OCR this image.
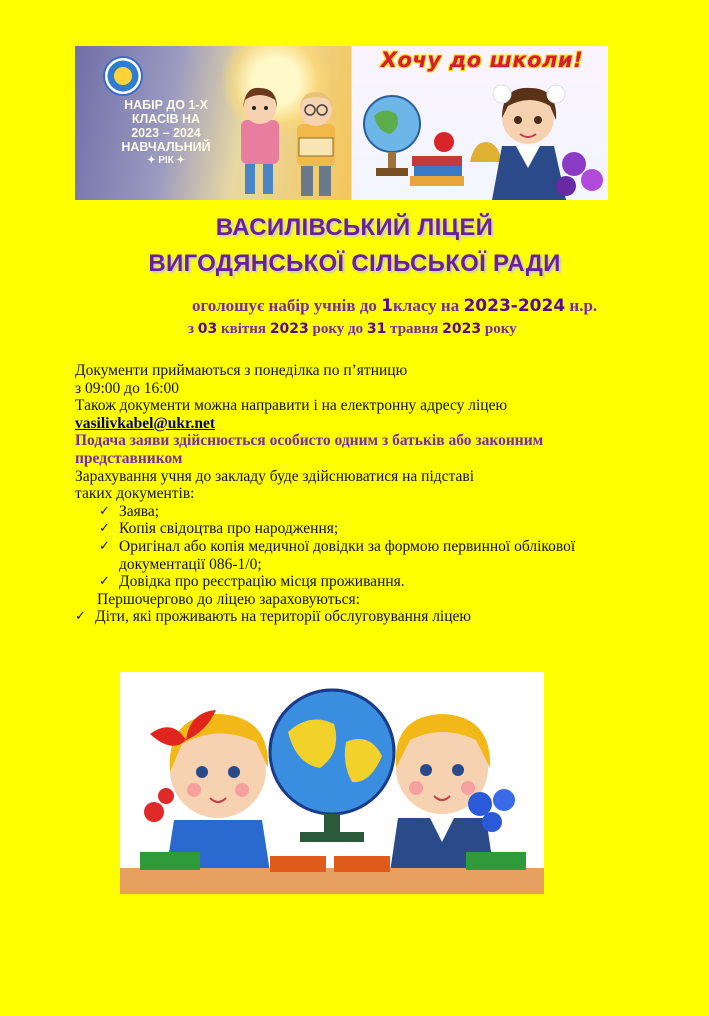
НАБІР ДО 1-Х
КЛАСІВ НА
2023 – 2024
НАВЧАЛЬНИЙ
✦ РІК ✦
Хочу до школи!
ВАСИЛІВСЬКИЙ ЛІЦЕЙ
ВИГОДЯНСЬКОЇ СІЛЬСЬКОЇ РАДИ
оголошує набір учнів до 1класу на 2023-2024 н.р.
з 03 квітня 2023 року до 31 травня 2023 року

Документи приймаються з понеділка по п’ятницю

з 09:00 до 16:00

Також документи можна направити і на електронну адресу ліцею

vasilivkabel@ukr.net

Подача заяви здійснюється особисто одним з батьків або законним

представником

Зарахування учня до закладу буде здійснюватися на підставі

таких документів:

✓ Заява;
✓ Копія свідоцтва про народження;
✓ Оригінал або копія медичної довідки за формою первинної облікової
документації 086-1/0;
✓ Довідка про реєстрацію місця проживання.

Першочергово до ліцею зараховуються:

✓ Діти, які проживають на території обслуговування ліцею
